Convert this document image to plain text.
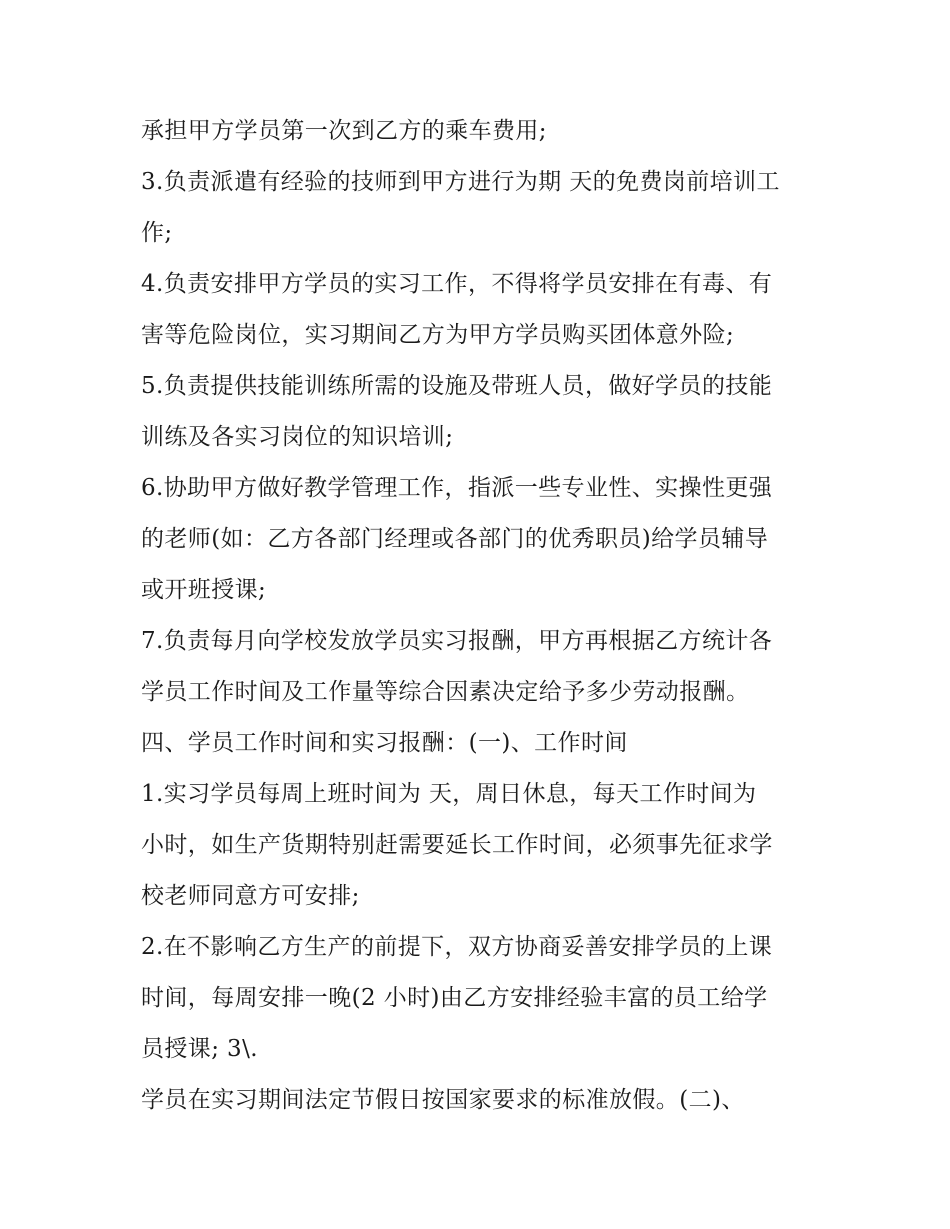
承担甲方学员第一次到乙方的乘车费用;
3.负责派遣有经验的技师到甲方进行为期 天的免费岗前培训工
作;
4.负责安排甲方学员的实习工作，不得将学员安排在有毒、有
害等危险岗位，实习期间乙方为甲方学员购买团体意外险;
5.负责提供技能训练所需的设施及带班人员，做好学员的技能
训练及各实习岗位的知识培训;
6.协助甲方做好教学管理工作，指派一些专业性、实操性更强
的老师(如：乙方各部门经理或各部门的优秀职员)给学员辅导
或开班授课;
7.负责每月向学校发放学员实习报酬，甲方再根据乙方统计各
学员工作时间及工作量等综合因素决定给予多少劳动报酬。
四、学员工作时间和实习报酬：(一)、工作时间
1.实习学员每周上班时间为 天，周日休息，每天工作时间为
小时，如生产货期特别赶需要延长工作时间，必须事先征求学
校老师同意方可安排;
2.在不影响乙方生产的前提下，双方协商妥善安排学员的上课
时间，每周安排一晚(2 小时)由乙方安排经验丰富的员工给学
员授课; 3\.
学员在实习期间法定节假日按国家要求的标准放假。(二)、
